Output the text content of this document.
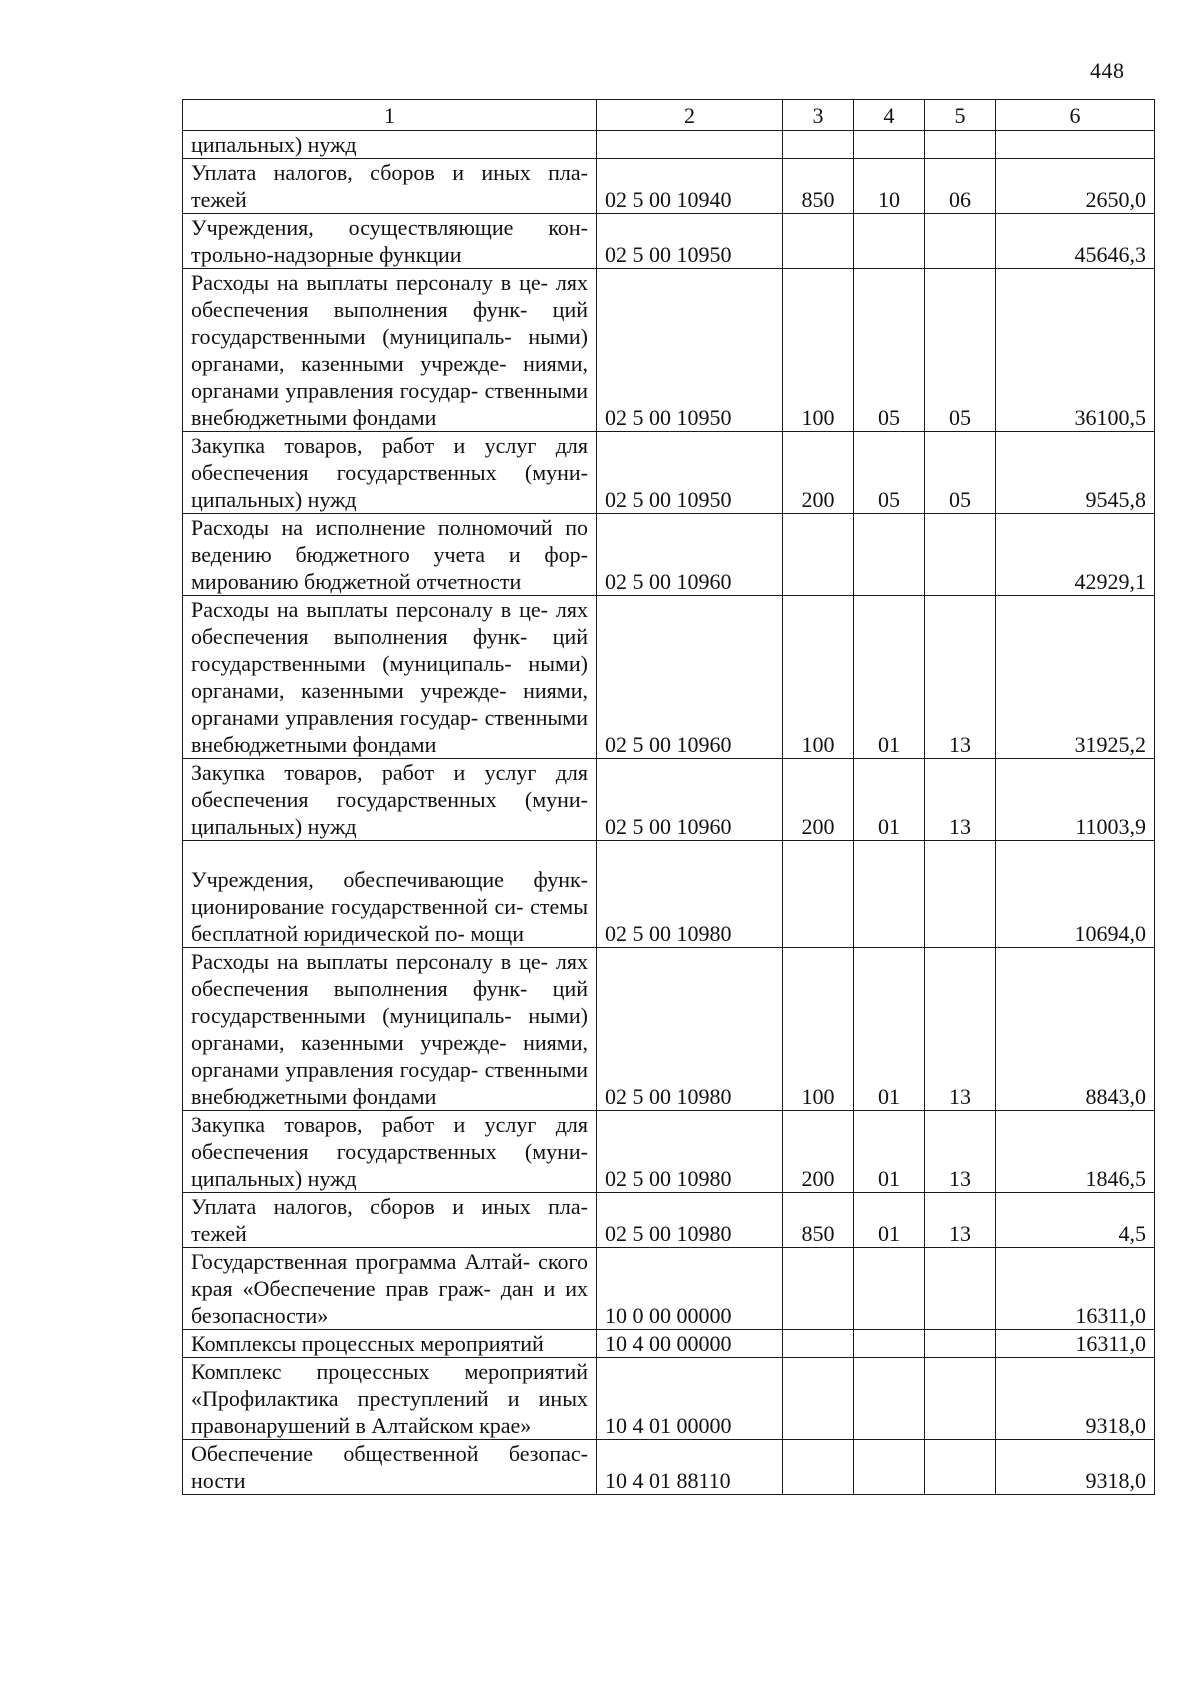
448
1	2	3	4	5	6
ципальных) нужд					
Уплата налогов, сборов и иных пла- тежей	02 5 00 10940	850	10	06	2650,0
Учреждения, осуществляющие кон- трольно-надзорные функции	02 5 00 10950				45646,3
Расходы на выплаты персоналу в це- лях обеспечения выполнения функ- ций государственными (муниципаль- ными) органами, казенными учрежде- ниями, органами управления государ- ственными внебюджетными фондами	02 5 00 10950	100	05	05	36100,5
Закупка товаров, работ и услуг для обеспечения государственных (муни- ципальных) нужд	02 5 00 10950	200	05	05	9545,8
Расходы на исполнение полномочий по ведению бюджетного учета и фор- мированию бюджетной отчетности	02 5 00 10960				42929,1
Расходы на выплаты персоналу в це- лях обеспечения выполнения функ- ций государственными (муниципаль- ными) органами, казенными учрежде- ниями, органами управления государ- ственными внебюджетными фондами	02 5 00 10960	100	01	13	31925,2
Закупка товаров, работ и услуг для обеспечения государственных (муни- ципальных) нужд	02 5 00 10960	200	01	13	11003,9
Учреждения, обеспечивающие функ- ционирование государственной си- стемы бесплатной юридической по- мощи	02 5 00 10980				10694,0
Расходы на выплаты персоналу в це- лях обеспечения выполнения функ- ций государственными (муниципаль- ными) органами, казенными учрежде- ниями, органами управления государ- ственными внебюджетными фондами	02 5 00 10980	100	01	13	8843,0
Закупка товаров, работ и услуг для обеспечения государственных (муни- ципальных) нужд	02 5 00 10980	200	01	13	1846,5
Уплата налогов, сборов и иных пла- тежей	02 5 00 10980	850	01	13	4,5
Государственная программа Алтай- ского края «Обеспечение прав граж- дан и их безопасности»	10 0 00 00000				16311,0
Комплексы процессных мероприятий	10 4 00 00000				16311,0
Комплекс процессных мероприятий «Профилактика преступлений и иных правонарушений в Алтайском крае»	10 4 01 00000				9318,0
Обеспечение общественной безопас- ности	10 4 01 88110				9318,0
